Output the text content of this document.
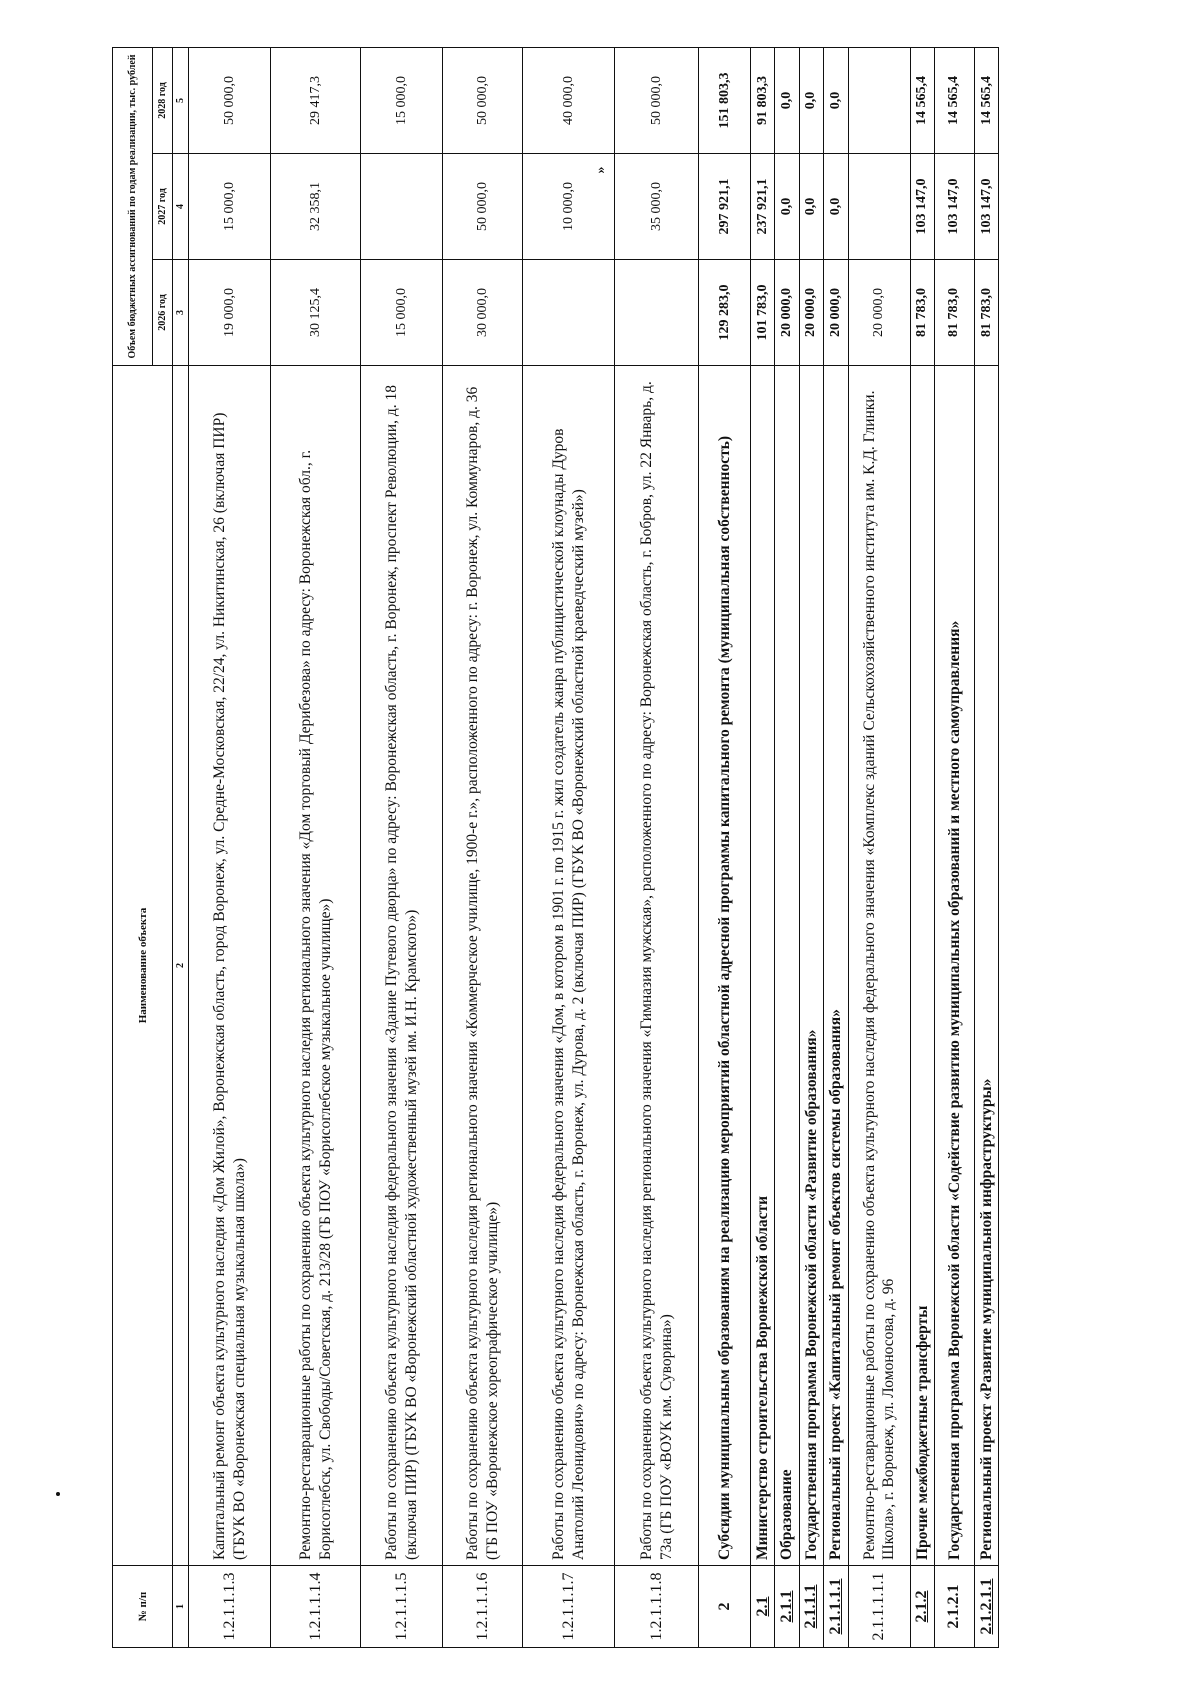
»
№ п/п	Наименование объекта	Объем бюджетных ассигнований по годам реализации, тыс. рублей		
		2026 год	2027 год	2028 год
1	2	3	4	5
1.2.1.1.1.3	Капитальный ремонт объекта культурного наследия «Дом Жилой», Воронежская область, город Воронеж, ул. Средне-Московская, 22/24, ул. Никитинская, 26 (включая ПИР) (ГБУК ВО «Воронежская специальная музыкальная школа»)	19 000,0	15 000,0	50 000,0
1.2.1.1.1.4	Ремонтно-реставрационные работы по сохранению объекта культурного наследия регионального значения «Дом торговый Дерибезова» по адресу: Воронежская обл., г. Борисоглебск, ул. Свободы/Советская, д. 213/28 (ГБ ПОУ «Борисоглебское музыкальное училище»)	30 125,4	32 358,1	29 417,3
1.2.1.1.1.5	Работы по сохранению объекта культурного наследия федерального значения «Здание Путевого дворца» по адресу: Воронежская область, г. Воронеж, проспект Революции, д. 18 (включая ПИР) (ГБУК ВО «Воронежский областной художественный музей им. И.Н. Крамского»)	15 000,0		15 000,0
1.2.1.1.1.6	Работы по сохранению объекта культурного наследия регионального значения «Коммерческое училище, 1900-е г.», расположенного по адресу: г. Воронеж, ул. Коммунаров, д. 36 (ГБ ПОУ «Воронежское хореографическое училище»)	30 000,0	50 000,0	50 000,0
1.2.1.1.1.7	Работы по сохранению объекта культурного наследия федерального значения «Дом, в котором в 1901 г. по 1915 г. жил создатель жанра публицистической клоунады Дуров Анатолий Леонидович» по адресу: Воронежская область, г. Воронеж, ул. Дурова, д. 2 (включая ПИР) (ГБУК ВО «Воронежский областной краеведческий музей»)		10 000,0	40 000,0
1.2.1.1.1.8	Работы по сохранению объекта культурного наследия регионального значения «Гимназия мужская», расположенного по адресу: Воронежская область, г. Бобров, ул. 22 Январь, д. 73а (ГБ ПОУ «ВОУК им. Суворина»)		35 000,0	50 000,0
2	Субсидии муниципальным образованиям на реализацию мероприятий областной адресной программы капитального ремонта (муниципальная собственность)	129 283,0	297 921,1	151 803,3
2.1	Министерство строительства Воронежской области	101 783,0	237 921,1	91 803,3
2.1.1	Образование	20 000,0	0,0	0,0
2.1.1.1	Государственная программа Воронежской области «Развитие образования»	20 000,0	0,0	0,0
2.1.1.1.1	Региональный проект «Капитальный ремонт объектов системы образования»	20 000,0	0,0	0,0
2.1.1.1.1.1	Ремонтно-реставрационные работы по сохранению объекта культурного наследия федерального значения «Комплекс зданий Сельскохозяйственного института им. К.Д. Глинки. Школа», г. Воронеж, ул. Ломоносова, д. 96	20 000,0		
2.1.2	Прочие межбюджетные трансферты	81 783,0	103 147,0	14 565,4
2.1.2.1	Государственная программа Воронежской области «Содействие развитию муниципальных образований и местного самоуправления»	81 783,0	103 147,0	14 565,4
2.1.2.1.1	Региональный проект «Развитие муниципальной инфраструктуры»	81 783,0	103 147,0	14 565,4
